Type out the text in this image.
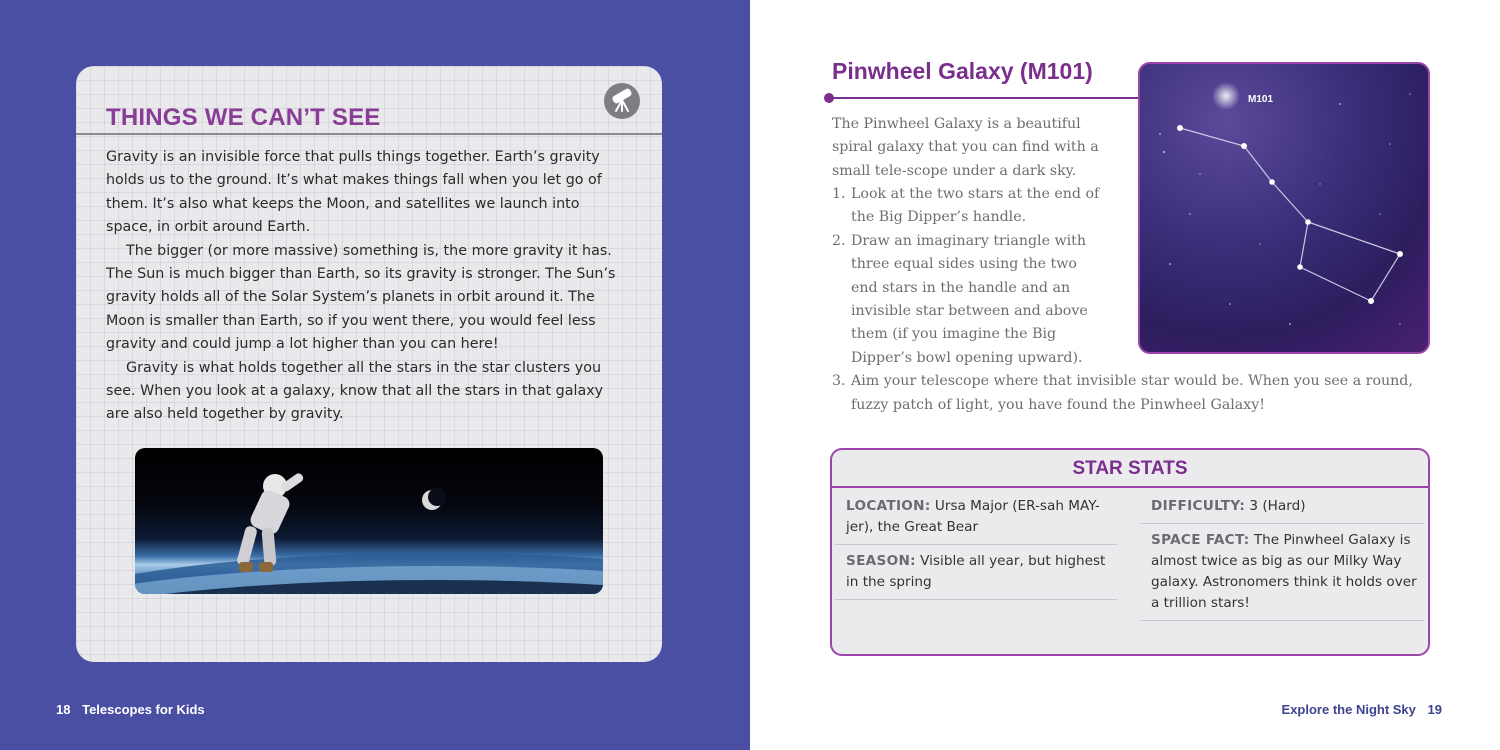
THINGS WE CAN’T SEE

Gravity is an invisible force that pulls things together. Earth’s gravity holds us to the ground. It’s what makes things fall when you let go of them. It’s also what keeps the Moon, and satellites we launch into space, in orbit around Earth.

The bigger (or more massive) something is, the more gravity it has. The Sun is much bigger than Earth, so its gravity is stronger. The Sun’s gravity holds all of the Solar System’s planets in orbit around it. The Moon is smaller than Earth, so if you went there, you would feel less gravity and could jump a lot higher than you can here!

Gravity is what holds together all the stars in the star clusters you see. When you look at a galaxy, know that all the stars in that galaxy are also held together by gravity.

18 Telescopes for Kids
Pinwheel Galaxy (M101)

The Pinwheel Galaxy is a beautiful spiral galaxy that you can find with a small tele-scope under a dark sky.

1. Look at the two stars at the end of the Big Dipper’s handle.
2. Draw an imaginary triangle with three equal sides using the two end stars in the handle and an invisible star between and above them (if you imagine the Big Dipper’s bowl opening upward).
3. Aim your telescope where that invisible star would be. When you see a round, fuzzy patch of light, you have found the Pinwheel Galaxy!
M101
STAR STATS
LOCATION: Ursa Major (ER-sah MAY-jer), the Great Bear
SEASON: Visible all year, but highest in the spring
DIFFICULTY: 3 (Hard)
SPACE FACT: The Pinwheel Galaxy is almost twice as big as our Milky Way galaxy. Astronomers think it holds over a trillion stars!
Explore the Night Sky 19
